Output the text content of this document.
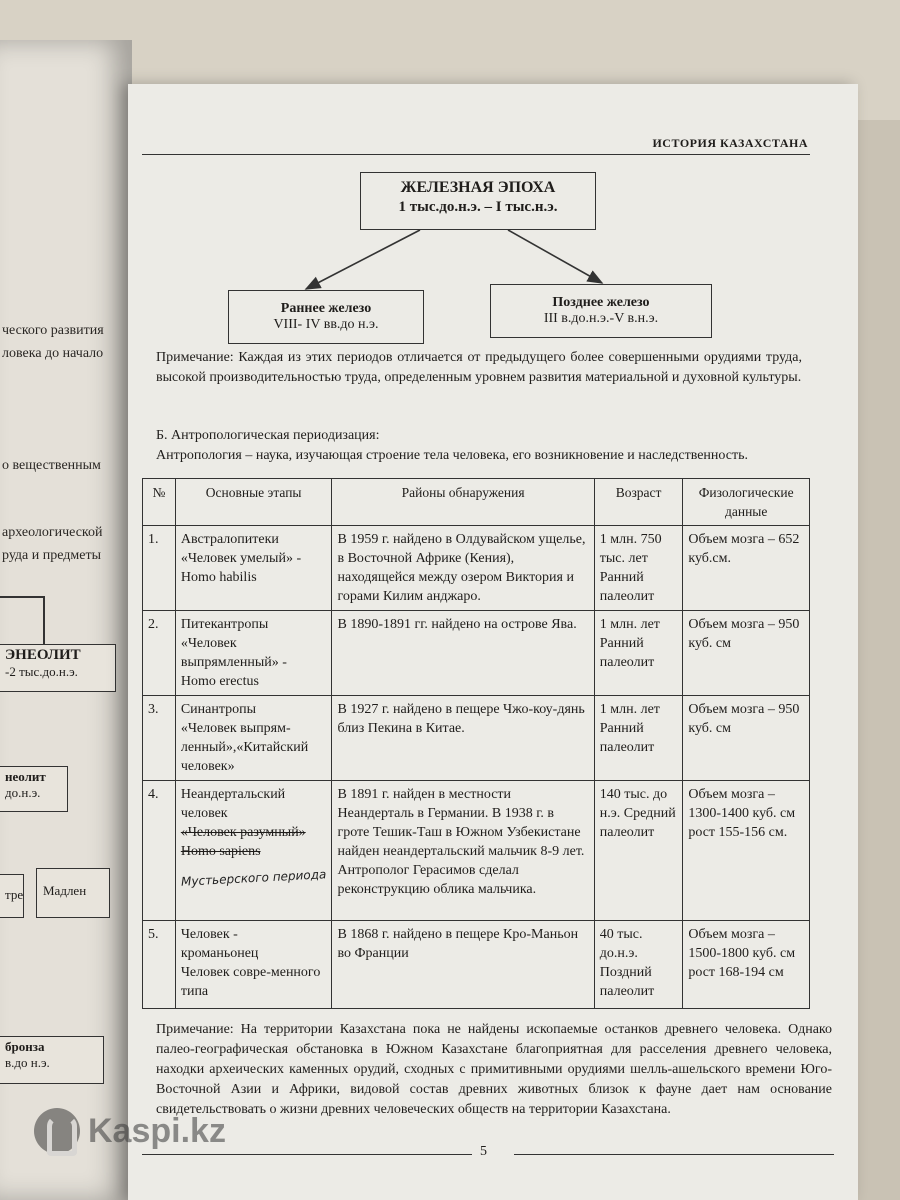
ческого развития
ловека до начало
о вещественным
археологической
руда и предметы
ЭНЕОЛИТ
-2 тыс.до.н.э.
неолит
до.н.э.
тре	Мадлен
бронза
в.до н.э.
ИСТОРИЯ КАЗАХСТАНА
ЖЕЛЕЗНАЯ ЭПОХА
1 тыс.до.н.э. – I тыс.н.э.
Раннее железо
VIII- IV вв.до н.э.
Позднее железо
III в.до.н.э.-V в.н.э.
Примечание: Каждая из этих периодов отличается от предыдущего более совершенными орудиями труда, высокой производительностью труда, определенным уровнем развития материальной и духовной культуры.
Б. Антропологическая периодизация:
Антропология – наука, изучающая строение тела человека, его возникновение и наследственность.
№	Основные этапы	Районы обнаружения	Возраст	Физологические данные
1.	Австралопитеки
«Человек умелый» -
Homo habilis	В 1959 г. найдено в Олдувайском ущелье, в Восточной Африке (Кения), находящейся между озером Виктория и горами Килим анджаро.	1 млн. 750 тыс. лет Ранний палеолит	Объем мозга – 652 куб.см.
2.	Питекантропы
«Человек выпрямленный» -
Homo erectus	В 1890-1891 гг. найдено на острове Ява.	1 млн. лет Ранний палеолит	Объем мозга – 950 куб. см
3.	Синантропы
«Человек выпрям-ленный»,«Китайский человек»	В 1927 г. найдено в пещере Чжо-коу-дянь близ Пекина в Китае.	1 млн. лет Ранний палеолит	Объем мозга – 950 куб. см
4.	Неандертальский человек
«Человек разумный»
Homo sapiens
Мустьерского периода	В 1891 г. найден в местности Неандерталь в Германии. В 1938 г. в гроте Тешик-Таш в Южном Узбекистане найден неандертальский мальчик 8-9 лет. Антрополог Герасимов сделал реконструкцию облика мальчика.	140 тыс. до н.э. Средний палеолит	Объем мозга – 1300-1400 куб. см рост 155-156 см.
5.	Человек -
кроманьонец
Человек совре-менного типа	В 1868 г. найдено в пещере Кро-Маньон во Франции	40 тыс. до.н.э. Поздний палеолит	Объем мозга – 1500-1800 куб. см рост 168-194 см
Примечание: На территории Казахстана пока не найдены ископаемые останков древнего человека. Однако палео-географическая обстановка в Южном Казахстане благоприятная для расселения древнего человека, находки археических каменных орудий, сходных с примитивными орудиями шелль-ашельского времени Юго-Восточной Азии и Африки, видовой состав древних животных близок к фауне дает нам основание свидетельствовать о жизни древних человеческих обществ на территории Казахстана.
5
Kaspi.kz
